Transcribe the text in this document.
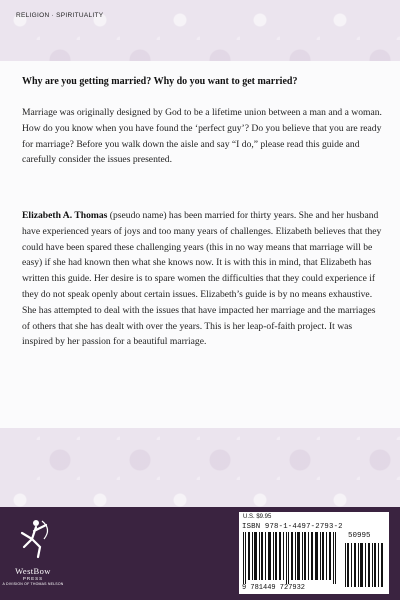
RELIGION · SPIRITUALITY
Why are you getting married? Why do you want to get married?

Marriage was originally designed by God to be a lifetime union between a man and a woman. How do you know when you have found the ‘perfect guy’? Do you believe that you are ready for marriage? Before you walk down the aisle and say “I do,” please read this guide and carefully consider the issues presented.

Elizabeth A. Thomas (pseudo name) has been married for thirty years. She and her husband have experienced years of joys and too many years of challenges. Elizabeth believes that they could have been spared these challenging years (this in no way means that marriage will be easy) if she had known then what she knows now. It is with this in mind, that Elizabeth has written this guide. Her desire is to spare women the difficulties that they could experience if they do not speak openly about certain issues. Elizabeth’s guide is by no means exhaustive. She has attempted to deal with the issues that have impacted her marriage and the marriages of others that she has dealt with over the years. This is her leap-of-faith project. It was inspired by her passion for a beautiful marriage.

WestBow
PRESS
A DIVISION OF THOMAS NELSON
U.S. $9.95
ISBN 978-1-4497-2793-2
50995
9 781449 727932
